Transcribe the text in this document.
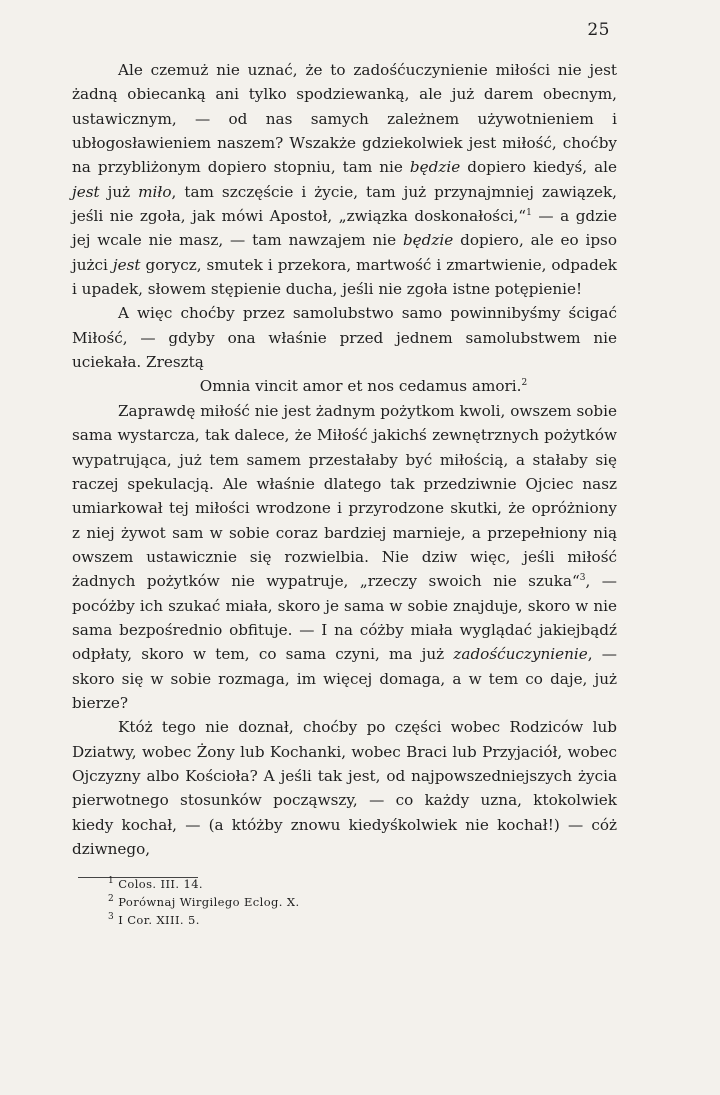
25

Ale czemuż nie uznać, że to zadośćuczynienie miłości nie jest żadną obiecanką ani tylko spodziewanką, ale już darem obecnym, ustawicznym, — od nas samych zależnem używotnieniem i ubłogosławieniem naszem? Wszakże gdziekolwiek jest miłość, choćby na przybliżonym dopiero stopniu, tam nie będzie dopiero kiedyś, ale jest już miło, tam szczęście i życie, tam już przynajmniej zawiązek, jeśli nie zgoła, jak mówi Apostoł, „związka doskonałości,“$^1$ — a gdzie jej wcale nie masz, — tam nawzajem nie będzie dopiero, ale eo ipso jużci jest gorycz, smutek i przekora, martwość i zmartwienie, odpadek i upadek, słowem stępienie ducha, jeśli nie zgoła istne potępienie!

A więc choćby przez samolubstwo samo powinnibyśmy ścigać Miłość, — gdyby ona właśnie przed jednem samolubstwem nie uciekała. Zresztą

Omnia vincit amor et nos cedamus amori.$^2$

Zaprawdę miłość nie jest żadnym pożytkom kwoli, owszem sobie sama wystarcza, tak dalece, że Miłość jakichś zewnętrznych pożytków wypatrująca, już tem samem przestałaby być miłością, a stałaby się raczej spekulacją. Ale właśnie dlatego tak przedziwnie Ojciec nasz umiarkował tej miłości wrodzone i przyrodzone skutki, że opróżniony z niej żywot sam w sobie coraz bardziej marnieje, a przepełniony nią owszem ustawicznie się rozwielbia. Nie dziw więc, jeśli miłość żadnych pożytków nie wypatruje, „rzeczy swoich nie szuka“$^3$, — pocóżby ich szukać miała, skoro je sama w sobie znajduje, skoro w nie sama bezpośrednio obfituje. — I na cóżby miała wyglądać jakiejbądź odpłaty, skoro w tem, co sama czyni, ma już zadośćuczynienie, — skoro się w sobie rozmaga, im więcej domaga, a w tem co daje, już bierze?

Któż tego nie doznał, choćby po części wobec Rodziców lub Dziatwy, wobec Żony lub Kochanki, wobec Braci lub Przyjaciół, wobec Ojczyzny albo Kościoła? A jeśli tak jest, od najpowszedniejszych życia pierwotnego stosunków począwszy, — co każdy uzna, ktokolwiek kiedy kochał, — (a któżby znowu kiedyśkolwiek nie kochał!) — cóż dziwnego,

$^1$ Colos. III. 14.
$^2$ Porównaj Wirgilego Eclog. X.
$^3$ I Cor. XIII. 5.
